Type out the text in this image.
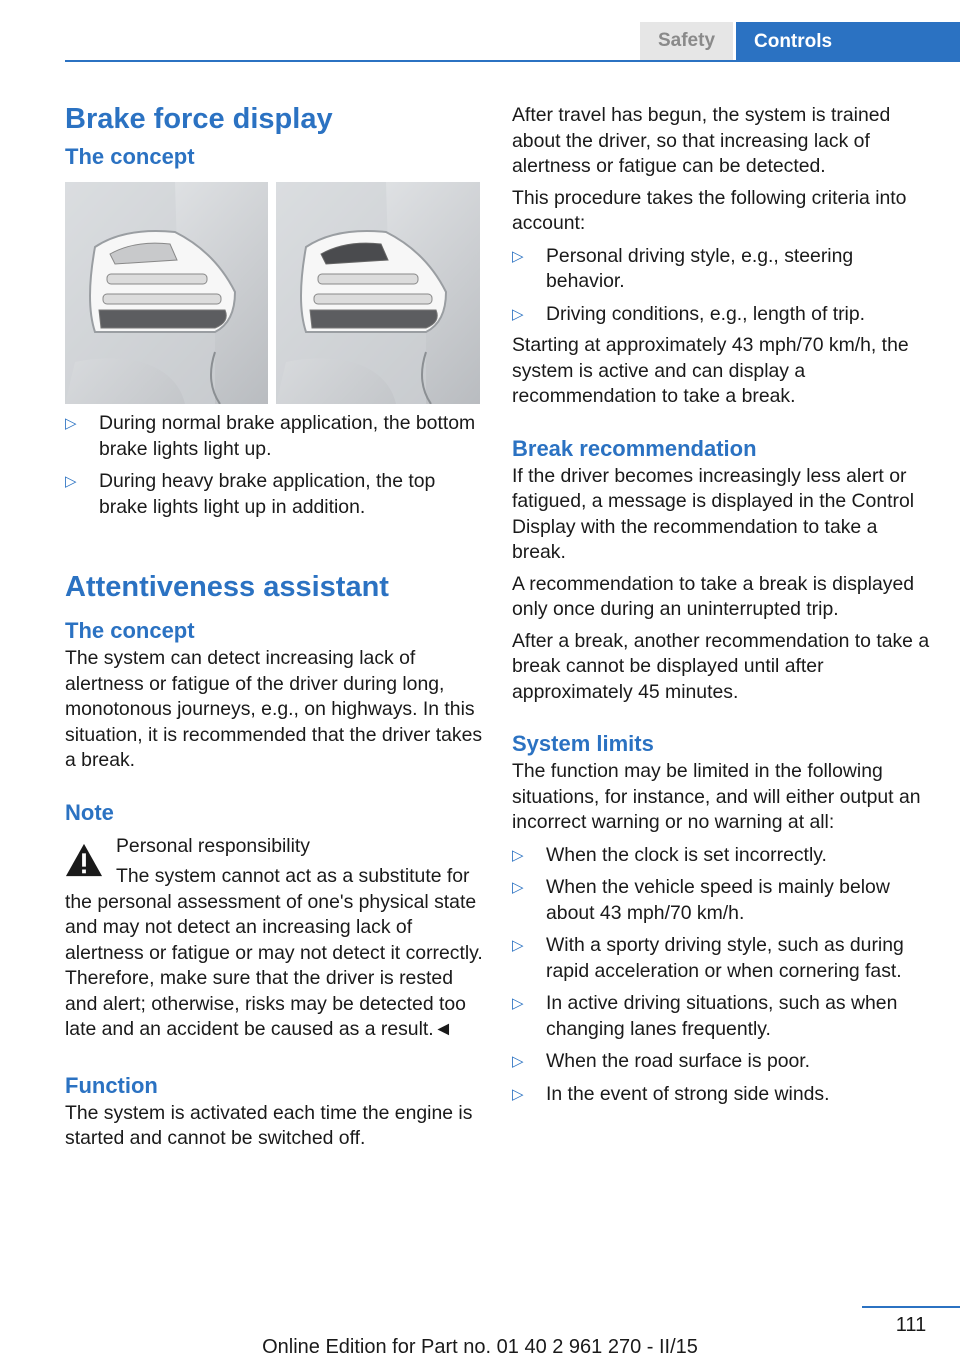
Safety	Controls
Brake force display
The concept
▷ During normal brake application, the bottom brake lights light up.
▷ During heavy brake application, the top brake lights light up in addition.
Attentiveness assistant
The concept

The system can detect increasing lack of alertness or fatigue of the driver during long, monotonous journeys, e.g., on highways. In this situation, it is recommended that the driver takes a break.

Note

Personal responsibility

The system cannot act as a substitute for the personal assessment of one's physical state and may not detect an increasing lack of alertness or fatigue or may not detect it correctly. Therefore, make sure that the driver is rested and alert; otherwise, risks may be detected too late and an accident be caused as a result.◄

Function

The system is activated each time the engine is started and cannot be switched off.

After travel has begun, the system is trained about the driver, so that increasing lack of alertness or fatigue can be detected.

This procedure takes the following criteria into account:

▷ Personal driving style, e.g., steering behavior.
▷ Driving conditions, e.g., length of trip.

Starting at approximately 43 mph/70 km/h, the system is active and can display a recommendation to take a break.

Break recommendation

If the driver becomes increasingly less alert or fatigued, a message is displayed in the Control Display with the recommendation to take a break.

A recommendation to take a break is displayed only once during an uninterrupted trip.

After a break, another recommendation to take a break cannot be displayed until after approximately 45 minutes.

System limits

The function may be limited in the following situations, for instance, and will either output an incorrect warning or no warning at all:

▷ When the clock is set incorrectly.
▷ When the vehicle speed is mainly below about 43 mph/70 km/h.
▷ With a sporty driving style, such as during rapid acceleration or when cornering fast.
▷ In active driving situations, such as when changing lanes frequently.
▷ When the road surface is poor.
▷ In the event of strong side winds.
111
Online Edition for Part no. 01 40 2 961 270 - II/15
